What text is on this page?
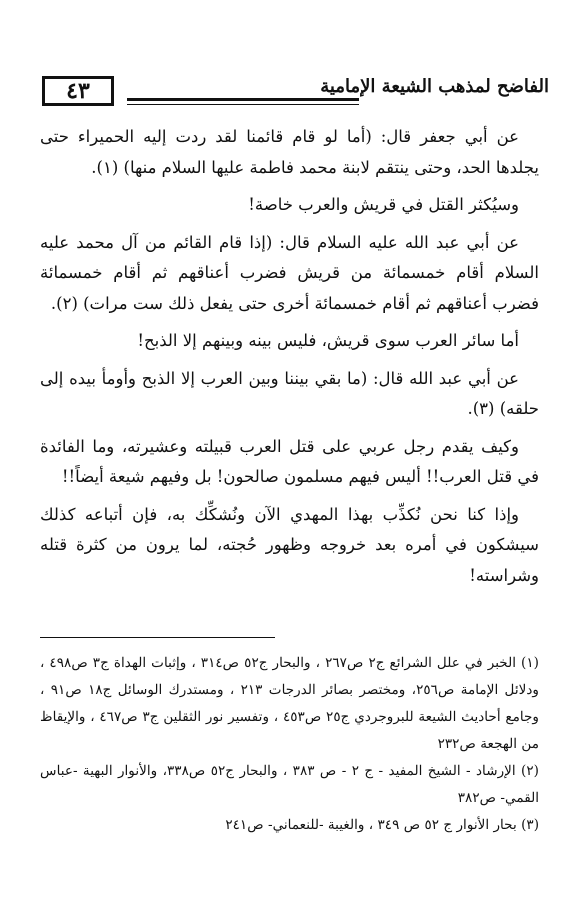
٤٣	الفاضح لمذهب الشيعة الإمامية

عن أبي جعفر قال: (أما لو قام قائمنا لقد ردت إليه الحميراء حتى يجلدها الحد، وحتى ينتقم لابنة محمد فاطمة عليها السلام منها) (١).

وسيُكثر القتل في قريش والعرب خاصة!

عن أبي عبد الله عليه السلام قال: (إذا قام القائم من آل محمد عليه السلام أقام خمسمائة من قريش فضرب أعناقهم ثم أقام خمسمائة فضرب أعناقهم ثم أقام خمسمائة أخرى حتى يفعل ذلك ست مرات) (٢).

أما سائر العرب سوى قريش، فليس بينه وبينهم إلا الذبح!

عن أبي عبد الله قال: (ما بقي بيننا وبين العرب إلا الذبح وأومأ بيده إلى حلقه) (٣).

وكيف يقدم رجل عربي على قتل العرب قبيلته وعشيرته، وما الفائدة في قتل العرب!! أليس فيهم مسلمون صالحون! بل وفيهم شيعة أيضاً!!

وإذا كنا نحن نُكذِّب بهذا المهدي الآن ونُشكِّك به، فإن أتباعه كذلك سيشكون في أمره بعد خروجه وظهور حُجته، لما يرون من كثرة قتله وشراسته!

(١) الخبر في علل الشرائع ج٢ ص٢٦٧ ، والبحار ج٥٢ ص٣١٤ ، وإثبات الهداة ج٣ ص٤٩٨ ، ودلائل الإمامة ص٢٥٦، ومختصر بصائر الدرجات ٢١٣ ، ومستدرك الوسائل ج١٨ ص٩١ ، وجامع أحاديث الشيعة للبروجردي ج٢٥ ص٤٥٣ ، وتفسير نور الثقلين ج٣ ص٤٦٧ ، والإيقاظ من الهجعة ص٢٣٢

(٢) الإرشاد - الشيخ المفيد - ج ٢ - ص ٣٨٣ ، والبحار ج٥٢ ص٣٣٨، والأنوار البهية -عباس القمي- ص٣٨٢

(٣) بحار الأنوار ج ٥٢ ص ٣٤٩ ، والغيبة -للنعماني- ص٢٤١
